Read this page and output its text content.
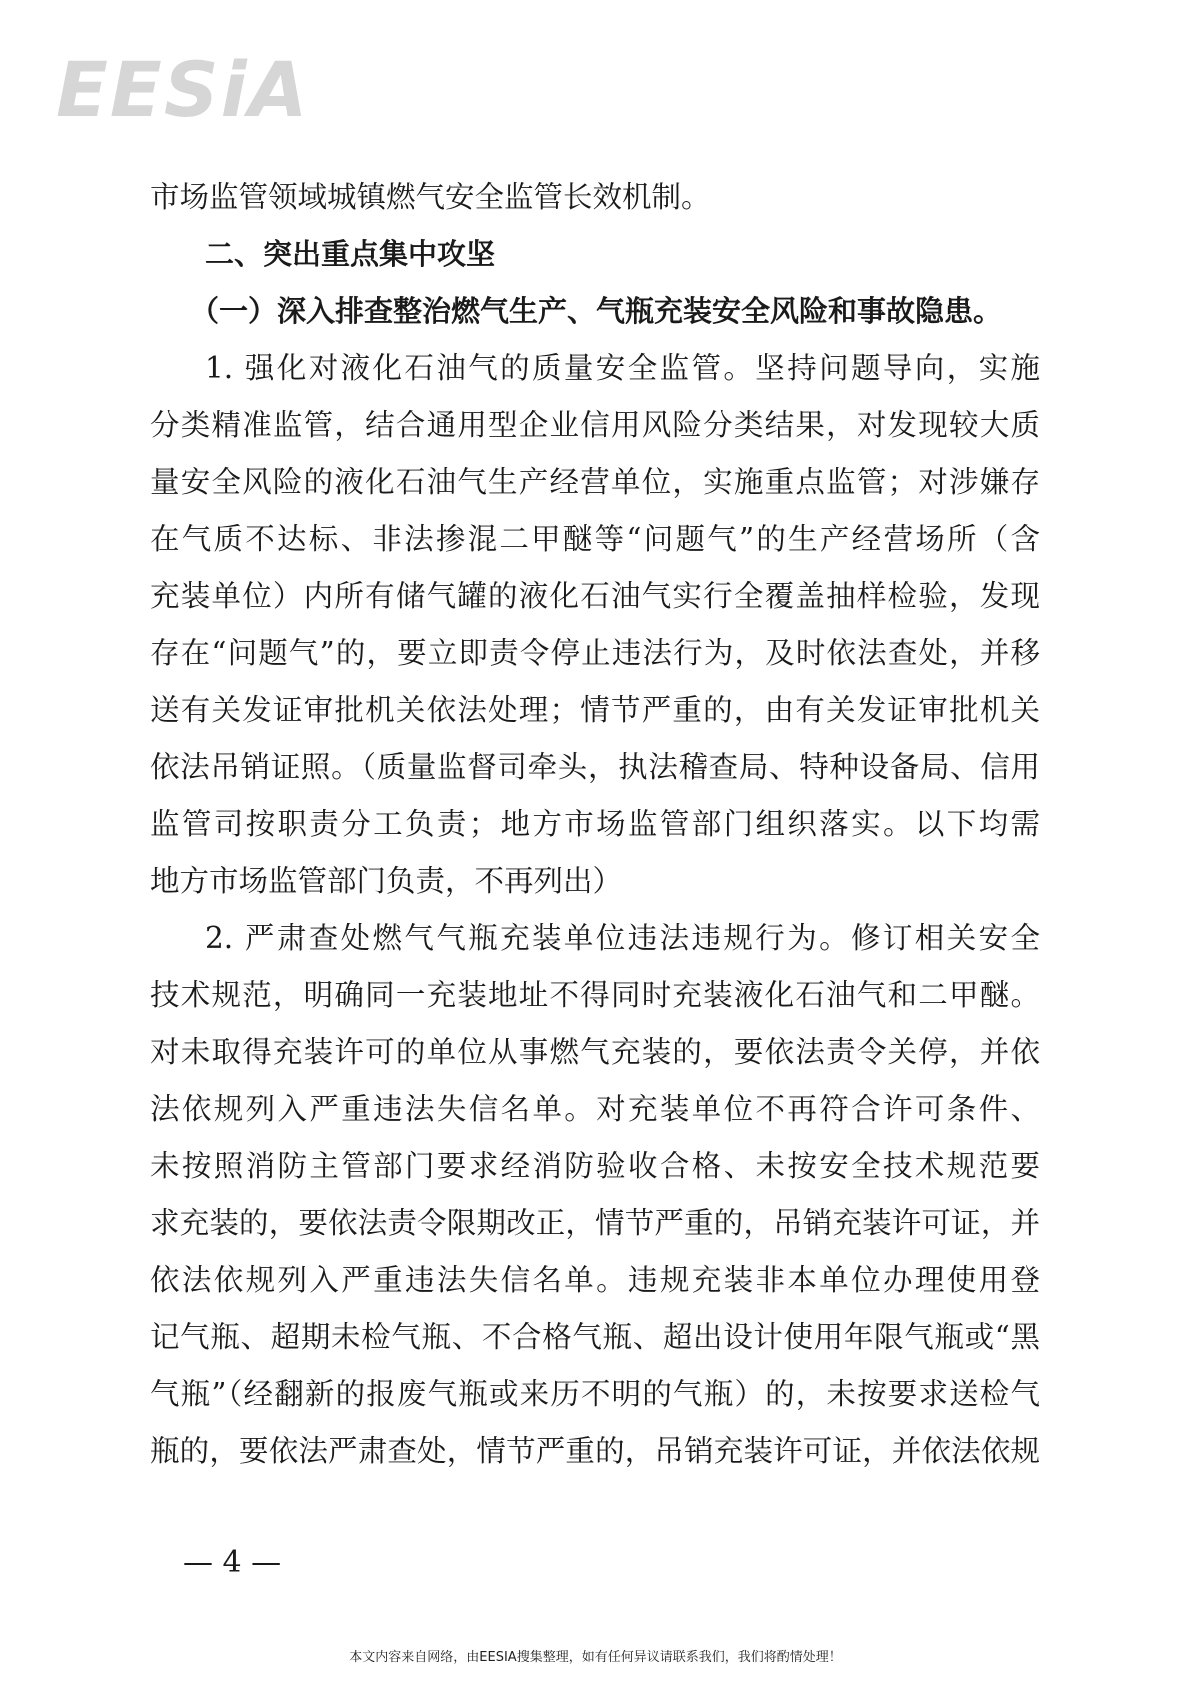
EESiA

市场监管领域城镇燃气安全监管长效机制。

二、突出重点集中攻坚

（一）深入排查整治燃气生产、气瓶充装安全风险和事故隐患。

1. 强化对液化石油气的质量安全监管。坚持问题导向，实施

分类精准监管，结合通用型企业信用风险分类结果，对发现较大质

量安全风险的液化石油气生产经营单位，实施重点监管；对涉嫌存

在气质不达标、非法掺混二甲醚等“问题气”的生产经营场所（含

充装单位）内所有储气罐的液化石油气实行全覆盖抽样检验，发现

存在“问题气”的，要立即责令停止违法行为，及时依法查处，并移

送有关发证审批机关依法处理；情节严重的，由有关发证审批机关

依法吊销证照。（质量监督司牵头，执法稽查局、特种设备局、信用

监管司按职责分工负责；地方市场监管部门组织落实。以下均需

地方市场监管部门负责，不再列出）

2. 严肃查处燃气气瓶充装单位违法违规行为。修订相关安全

技术规范，明确同一充装地址不得同时充装液化石油气和二甲醚。

对未取得充装许可的单位从事燃气充装的，要依法责令关停，并依

法依规列入严重违法失信名单。对充装单位不再符合许可条件、

未按照消防主管部门要求经消防验收合格、未按安全技术规范要

求充装的，要依法责令限期改正，情节严重的，吊销充装许可证，并

依法依规列入严重违法失信名单。违规充装非本单位办理使用登

记气瓶、超期未检气瓶、不合格气瓶、超出设计使用年限气瓶或“黑

气瓶”（经翻新的报废气瓶或来历不明的气瓶）的，未按要求送检气

瓶的，要依法严肃查处，情节严重的，吊销充装许可证，并依法依规

— 4 —
本文内容来自网络，由EESIA搜集整理，如有任何异议请联系我们，我们将酌情处理！
